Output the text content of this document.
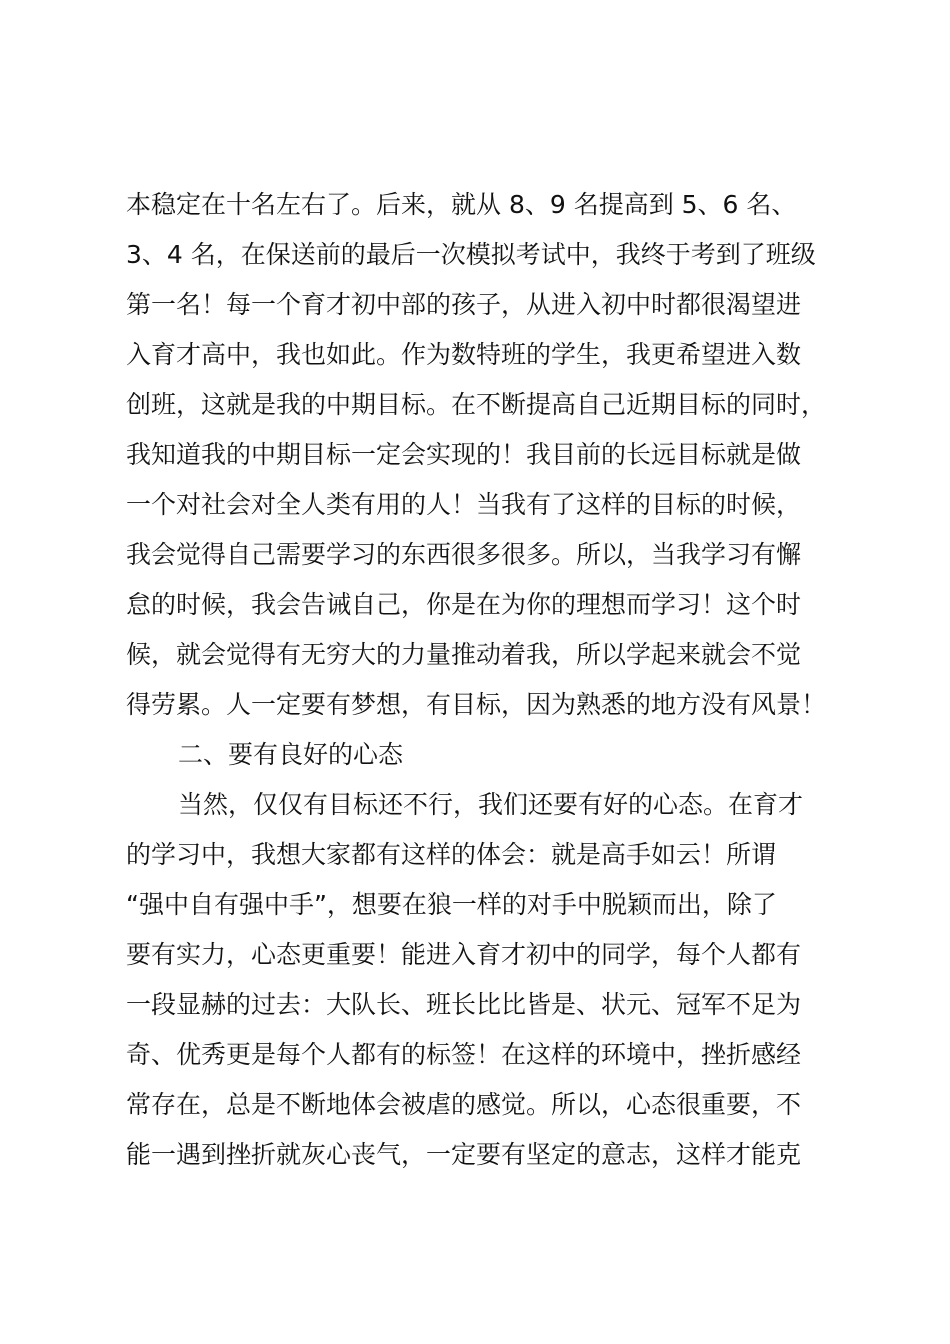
本稳定在十名左右了。后来，就从 8、9 名提高到 5、6 名、
3、4 名，在保送前的最后一次模拟考试中，我终于考到了班级
第一名！每一个育才初中部的孩子，从进入初中时都很渴望进
入育才高中，我也如此。作为数特班的学生，我更希望进入数
创班，这就是我的中期目标。在不断提高自己近期目标的同时，
我知道我的中期目标一定会实现的！我目前的长远目标就是做
一个对社会对全人类有用的人！当我有了这样的目标的时候，
我会觉得自己需要学习的东西很多很多。所以，当我学习有懈
怠的时候，我会告诫自己，你是在为你的理想而学习！这个时
候，就会觉得有无穷大的力量推动着我，所以学起来就会不觉
得劳累。人一定要有梦想，有目标，因为熟悉的地方没有风景！
二、要有良好的心态
当然，仅仅有目标还不行，我们还要有好的心态。在育才
的学习中，我想大家都有这样的体会：就是高手如云！所谓
“强中自有强中手”，想要在狼一样的对手中脱颖而出，除了
要有实力，心态更重要！能进入育才初中的同学，每个人都有
一段显赫的过去：大队长、班长比比皆是、状元、冠军不足为
奇、优秀更是每个人都有的标签！在这样的环境中，挫折感经
常存在，总是不断地体会被虐的感觉。所以，心态很重要，不
能一遇到挫折就灰心丧气，一定要有坚定的意志，这样才能克
